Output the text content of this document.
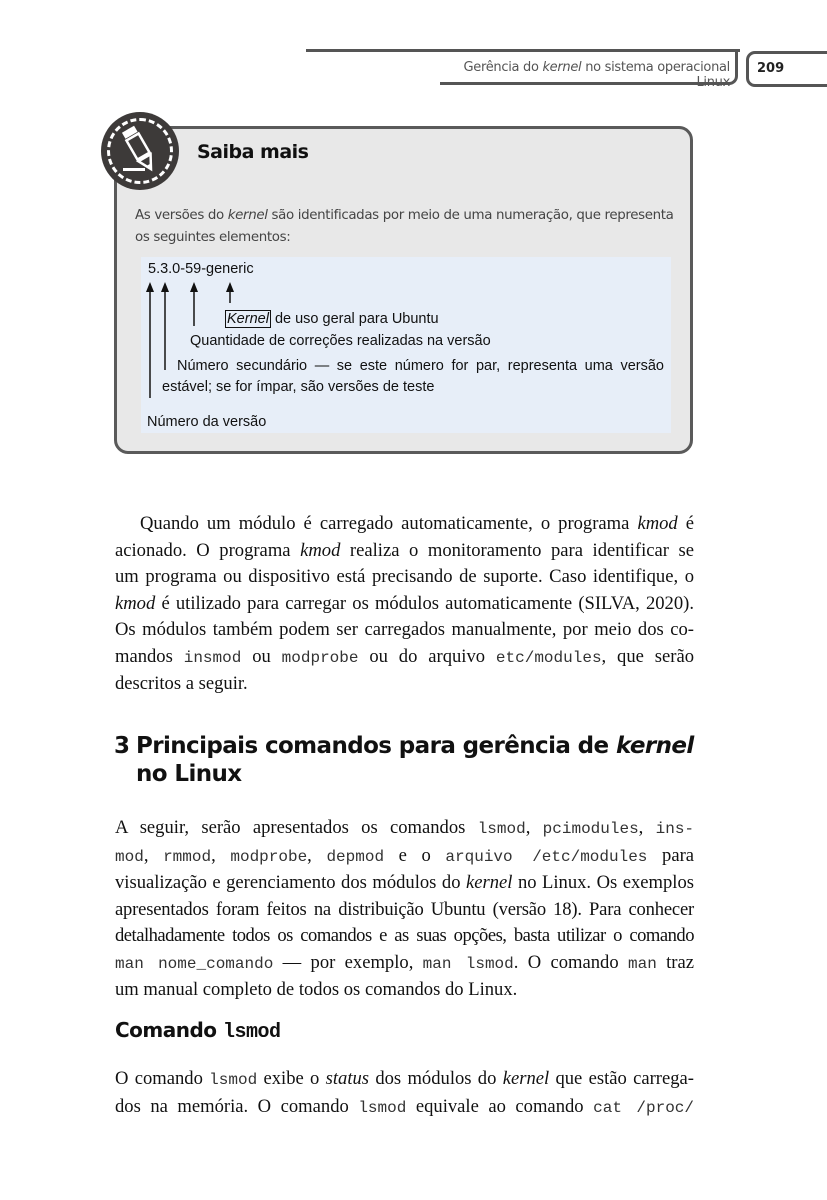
Gerência do kernel no sistema operacional Linux
209
Saiba mais
As versões do kernel são identificadas por meio de uma numeração, que representa os seguintes elementos:
5.3.0-59-generic
Kernel de uso geral para Ubuntu
Quantidade de correções realizadas na versão
Número secundário — se este número for par, representa uma versão
estável; se for ímpar, são versões de teste
Número da versão
Quando um módulo é carregado automaticamente, o programa kmod é
acionado. O programa kmod realiza o monitoramento para identificar se
um programa ou dispositivo está precisando de suporte. Caso identifique, o
kmod é utilizado para carregar os módulos automaticamente (SILVA, 2020).
Os módulos também podem ser carregados manualmente, por meio dos co-
mandos insmod ou modprobe ou do arquivo etc/modules, que serão
descritos a seguir.
3 Principais comandos para gerência de kernel
no Linux
A seguir, serão apresentados os comandos lsmod, pcimodules, ins-
mod, rmmod, modprobe, depmod e o arquivo /etc/modules para
visualização e gerenciamento dos módulos do kernel no Linux. Os exemplos
apresentados foram feitos na distribuição Ubuntu (versão 18). Para conhecer
detalhadamente todos os comandos e as suas opções, basta utilizar o comando
man nome_comando — por exemplo, man lsmod. O comando man traz
um manual completo de todos os comandos do Linux.
Comando lsmod
O comando lsmod exibe o status dos módulos do kernel que estão carrega-
dos na memória. O comando lsmod equivale ao comando cat /proc/
